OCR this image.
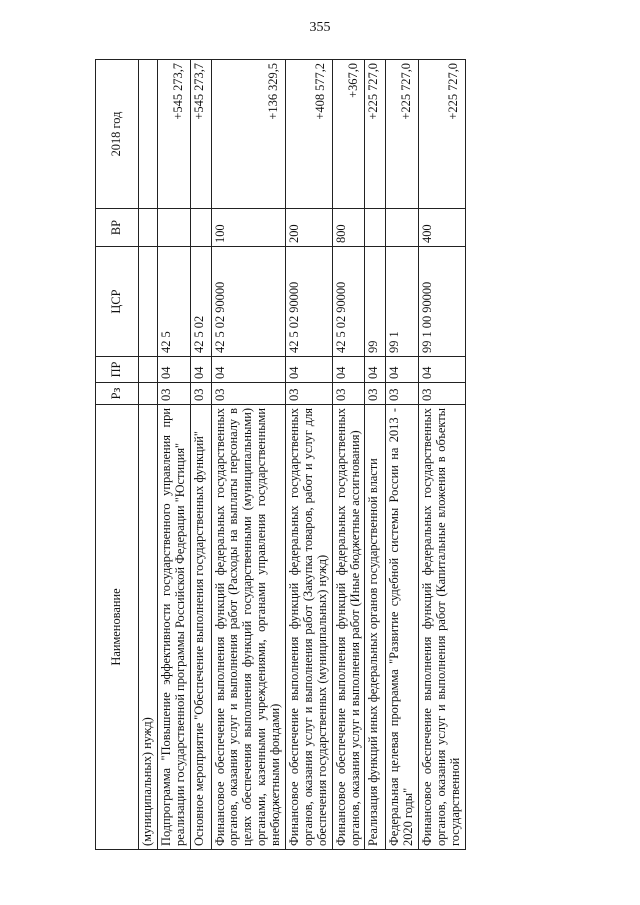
355
Наименование	Рз	ПР	ЦСР	ВР	2018 год
(муниципальных) нужд)					
Подпрограмма "Повышение эффективности государственного управления при реализации государственной программы Российской Федерации "Юстиция"	03	04	42 5		+545 273,7
Основное мероприятие "Обеспечение выполнения государственных функций"	03	04	42 5 02		+545 273,7
Финансовое обеспечение выполнения функций федеральных государственных органов, оказания услуг и выполнения работ (Расходы на выплаты персоналу в целях обеспечения выполнения функций государственными (муниципальными) органами, казенными учреждениями, органами управления государственными внебюджетными фондами)	03	04	42 5 02 90000	100	+136 329,5
Финансовое обеспечение выполнения функций федеральных государственных органов, оказания услуг и выполнения работ (Закупка товаров, работ и услуг для обеспечения государственных (муниципальных) нужд)	03	04	42 5 02 90000	200	+408 577,2
Финансовое обеспечение выполнения функций федеральных государственных органов, оказания услуг и выполнения работ (Иные бюджетные ассигнования)	03	04	42 5 02 90000	800	+367,0
Реализация функций иных федеральных органов государственной власти	03	04	99		+225 727,0
Федеральная целевая программа "Развитие судебной системы России на 2013 - 2020 годы"	03	04	99 1		+225 727,0
Финансовое обеспечение выполнения функций федеральных государственных органов, оказания услуг и выполнения работ (Капитальные вложения в объекты государственной	03	04	99 1 00 90000	400	+225 727,0
